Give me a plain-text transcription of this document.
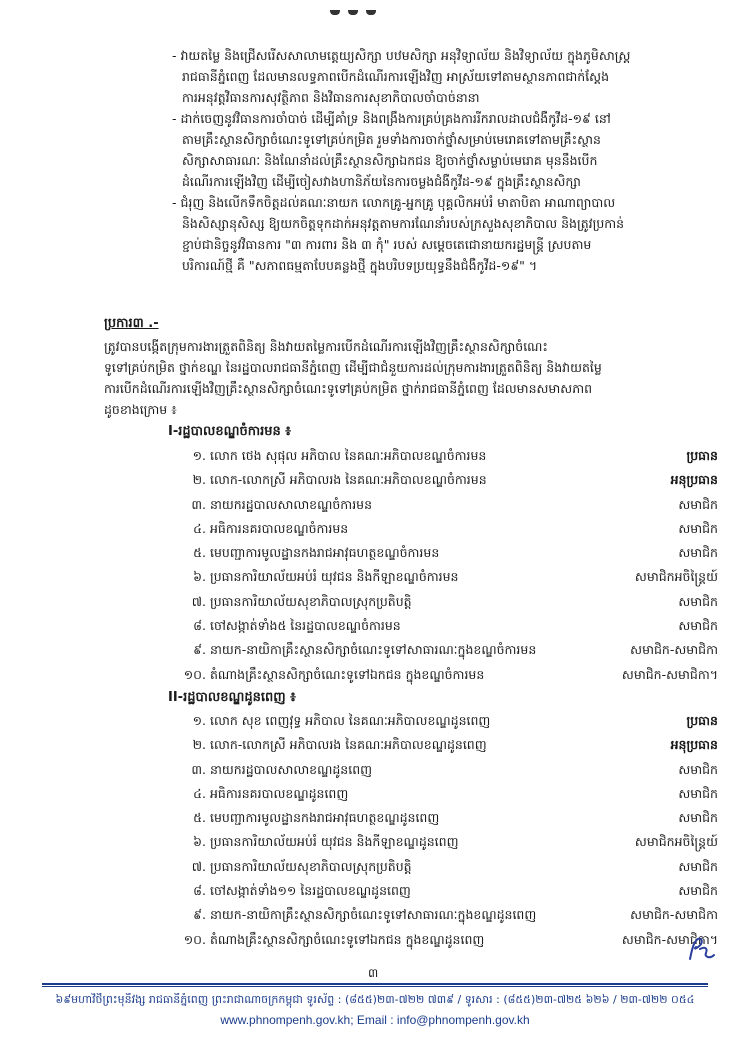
- វាយតម្លៃ និងជ្រើសរើសសាលាមត្តេយ្យសិក្សា បឋមសិក្សា អនុវិទ្យាល័យ និងវិទ្យាល័យ ក្នុងភូមិសាស្ត្រ
រាជធានីភ្នំពេញ ដែលមានលទ្ធភាពបើកដំណើរការឡើងវិញ អាស្រ័យទៅតាមស្ថានភាពជាក់ស្តែង
ការអនុវត្តវិធានការសុវត្ថិភាព និងវិធានការសុខាភិបាលចាំបាច់នានា
- ដាក់ចេញនូវវិធានការចាំបាច់ ដើម្បីគាំទ្រ និងពង្រឹងការគ្រប់គ្រងការរីករាលដាលជំងឺកូវីដ-១៩ នៅ
តាមគ្រឹះស្ថានសិក្សាចំណេះទូទៅគ្រប់កម្រិត រួមទាំងការចាក់ថ្នាំសម្រាប់មេរោគទៅតាមគ្រឹះស្ថាន
សិក្សាសាធារណៈ និងណែនាំដល់គ្រឹះស្ថានសិក្សាឯកជន ឱ្យចាក់ថ្នាំសម្លាប់មេរោគ មុននឹងបើក
ដំណើរការឡើងវិញ ដើម្បីចៀសវាងហានិភ័យនៃការចម្លងជំងឺកូវីដ-១៩ ក្នុងគ្រឹះស្ថានសិក្សា
- ជំរុញ និងលើកទឹកចិត្តដល់គណៈនាយក លោកគ្រូ-អ្នកគ្រូ បុគ្គលិកអប់រំ មាតាបិតា អាណាព្យាបាល
និងសិស្សានុសិស្ស ឱ្យយកចិត្តទុកដាក់អនុវត្តតាមការណែនាំរបស់ក្រសួងសុខាភិបាល និងត្រូវប្រកាន់
ខ្ជាប់ជានិច្ចនូវវិធានការ "៣ ការពារ និង ៣ កុំ" របស់ សម្តេចតេជោនាយករដ្ឋមន្ត្រី ស្របតាម
បរិការណ៍ថ្មី គឺ "សភាពធម្មតាបែបគន្លងថ្មី ក្នុងបរិបទប្រយុទ្ធនឹងជំងឺកូវីដ-១៩" ។
ប្រការ៣ .-
ត្រូវបានបង្កើតក្រុមការងារត្រួតពិនិត្យ និងវាយតម្លៃការបើកដំណើរការឡើងវិញគ្រឹះស្ថានសិក្សាចំណេះ
ទូទៅគ្រប់កម្រិត ថ្នាក់ខណ្ឌ នៃរដ្ឋបាលរាជធានីភ្នំពេញ ដើម្បីជាជំនួយការដល់ក្រុមការងារត្រួតពិនិត្យ និងវាយតម្លៃ
ការបើកដំណើរការឡើងវិញគ្រឹះស្ថានសិក្សាចំណេះទូទៅគ្រប់កម្រិត ថ្នាក់រាជធានីភ្នំពេញ ដែលមានសមាសភាព
ដូចខាងក្រោម ៖
I-រដ្ឋបាលខណ្ឌចំការមន ៖
១. លោក ថេង សុផុល អភិបាល នៃគណៈអភិបាលខណ្ឌចំការមន	ប្រធាន
២. លោក-លោកស្រី អភិបាលរង នៃគណៈអភិបាលខណ្ឌចំការមន	អនុប្រធាន
៣. នាយករដ្ឋបាលសាលាខណ្ឌចំការមន	សមាជិក
៤. អធិការនគរបាលខណ្ឌចំការមន	សមាជិក
៥. មេបញ្ជាការមូលដ្ឋានកងរាជអាវុធហត្ថខណ្ឌចំការមន	សមាជិក
៦. ប្រធានការិយាល័យអប់រំ យុវជន និងកីឡាខណ្ឌចំការមន	សមាជិកអចិន្ត្រៃយ៍
៧. ប្រធានការិយាល័យសុខាភិបាលស្រុកប្រតិបត្តិ	សមាជិក
៨. ចៅសង្កាត់ទាំង៥ នៃរដ្ឋបាលខណ្ឌចំការមន	សមាជិក
៩. នាយក-នាយិកាគ្រឹះស្ថានសិក្សាចំណេះទូទៅសាធារណៈក្នុងខណ្ឌចំការមន	សមាជិក-សមាជិកា
១០. តំណាងគ្រឹះស្ថានសិក្សាចំណេះទូទៅឯកជន ក្នុងខណ្ឌចំការមន	សមាជិក-សមាជិកា។
II-រដ្ឋបាលខណ្ឌដូនពេញ ៖
១. លោក សុខ ពេញវុទ្ធ អភិបាល នៃគណៈអភិបាលខណ្ឌដូនពេញ	ប្រធាន
២. លោក-លោកស្រី អភិបាលរង នៃគណៈអភិបាលខណ្ឌដូនពេញ	អនុប្រធាន
៣. នាយករដ្ឋបាលសាលាខណ្ឌដូនពេញ	សមាជិក
៤. អធិការនគរបាលខណ្ឌដូនពេញ	សមាជិក
៥. មេបញ្ជាការមូលដ្ឋានកងរាជអាវុធហត្ថខណ្ឌដូនពេញ	សមាជិក
៦. ប្រធានការិយាល័យអប់រំ យុវជន និងកីឡាខណ្ឌដូនពេញ	សមាជិកអចិន្ត្រៃយ៍
៧. ប្រធានការិយាល័យសុខាភិបាលស្រុកប្រតិបត្តិ	សមាជិក
៨. ចៅសង្កាត់ទាំង១១ នៃរដ្ឋបាលខណ្ឌដូនពេញ	សមាជិក
៩. នាយក-នាយិកាគ្រឹះស្ថានសិក្សាចំណេះទូទៅសាធារណៈក្នុងខណ្ឌដូនពេញ	សមាជិក-សមាជិកា
១០. តំណាងគ្រឹះស្ថានសិក្សាចំណេះទូទៅឯកជន ក្នុងខណ្ឌដូនពេញ	សមាជិក-សមាជិកា។
៣
៦៩មហាវិថីព្រះមុនីវង្ស រាជធានីភ្នំពេញ ព្រះរាជាណាចក្រកម្ពុជា ទូរស័ព្ទ : (៨៥៥)២៣-៧២២ ៧៣៩ / ទូរសារ : (៨៥៥)២៣-៧២៥ ៦២៦ / ២៣-៧២២ ០៥៤
www.phnompenh.gov.kh; Email : info@phnompenh.gov.kh
